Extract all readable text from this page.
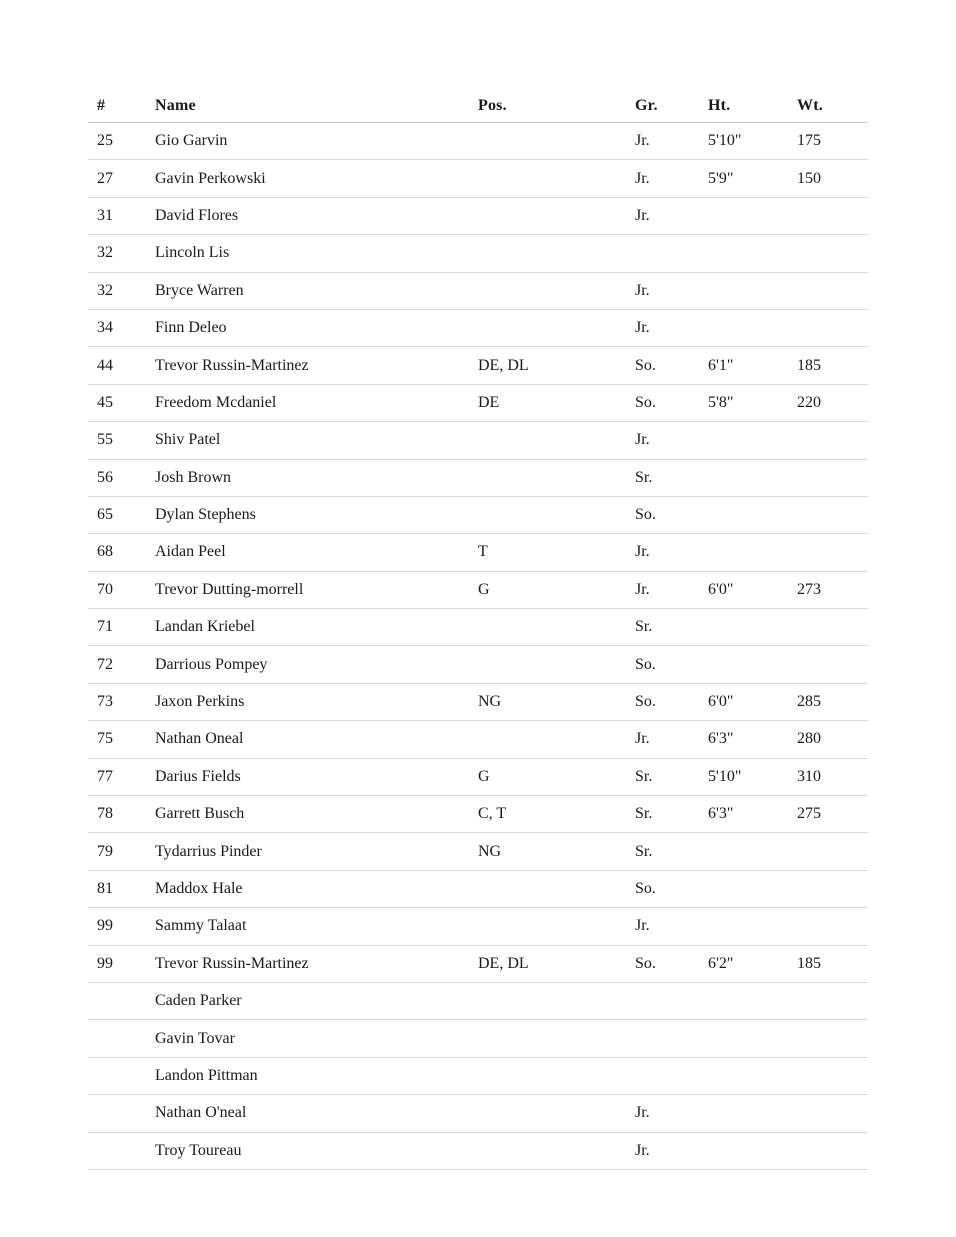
#	Name	Pos.	Gr.	Ht.	Wt.
25	Gio Garvin		Jr.	5'10"	175
27	Gavin Perkowski		Jr.	5'9"	150
31	David Flores		Jr.		
32	Lincoln Lis				
32	Bryce Warren		Jr.		
34	Finn Deleo		Jr.		
44	Trevor Russin-Martinez	DE, DL	So.	6'1"	185
45	Freedom Mcdaniel	DE	So.	5'8"	220
55	Shiv Patel		Jr.		
56	Josh Brown		Sr.		
65	Dylan Stephens		So.		
68	Aidan Peel	T	Jr.		
70	Trevor Dutting-morrell	G	Jr.	6'0"	273
71	Landan Kriebel		Sr.		
72	Darrious Pompey		So.		
73	Jaxon Perkins	NG	So.	6'0"	285
75	Nathan Oneal		Jr.	6'3"	280
77	Darius Fields	G	Sr.	5'10"	310
78	Garrett Busch	C, T	Sr.	6'3"	275
79	Tydarrius Pinder	NG	Sr.		
81	Maddox Hale		So.		
99	Sammy Talaat		Jr.		
99	Trevor Russin-Martinez	DE, DL	So.	6'2"	185
	Caden Parker				
	Gavin Tovar				
	Landon Pittman				
	Nathan O'neal		Jr.		
	Troy Toureau		Jr.		
